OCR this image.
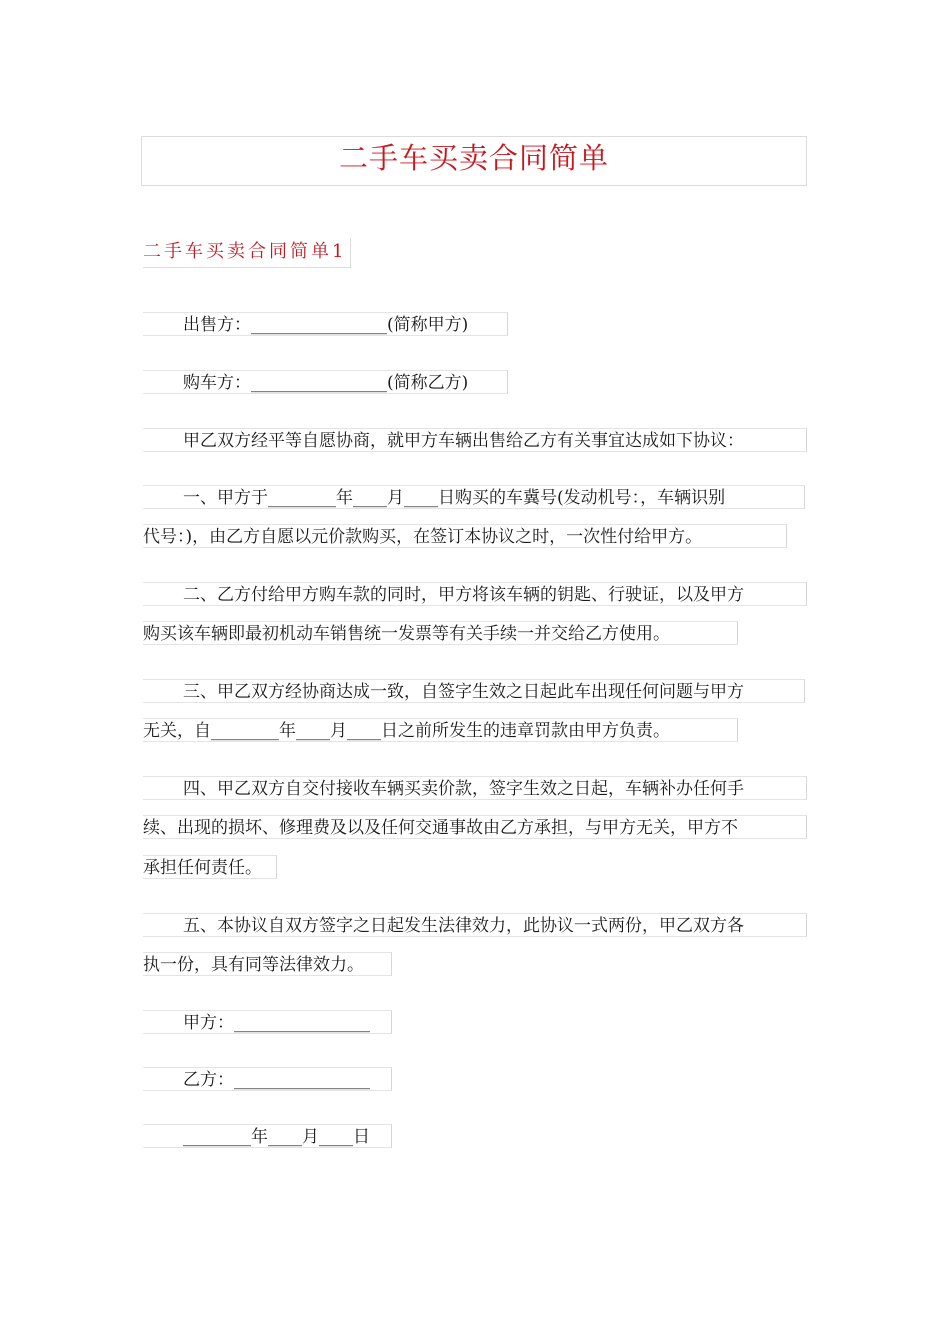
二手车买卖合同简单
二手车买卖合同简单1
出售方：________________(简称甲方)
购车方：________________(简称乙方)
甲乙双方经平等自愿协商，就甲方车辆出售给乙方有关事宜达成如下协议：
一、甲方于________年____月____日购买的车冀号(发动机号：，车辆识别
代号：)，由乙方自愿以元价款购买，在签订本协议之时，一次性付给甲方。
二、乙方付给甲方购车款的同时，甲方将该车辆的钥匙、行驶证，以及甲方
购买该车辆即最初机动车销售统一发票等有关手续一并交给乙方使用。
三、甲乙双方经协商达成一致，自签字生效之日起此车出现任何问题与甲方
无关，自________年____月____日之前所发生的违章罚款由甲方负责。
四、甲乙双方自交付接收车辆买卖价款，签字生效之日起，车辆补办任何手
续、出现的损坏、修理费及以及任何交通事故由乙方承担，与甲方无关，甲方不
承担任何责任。
五、本协议自双方签字之日起发生法律效力，此协议一式两份，甲乙双方各
执一份，具有同等法律效力。
甲方：________________
乙方：________________
________年____月____日
